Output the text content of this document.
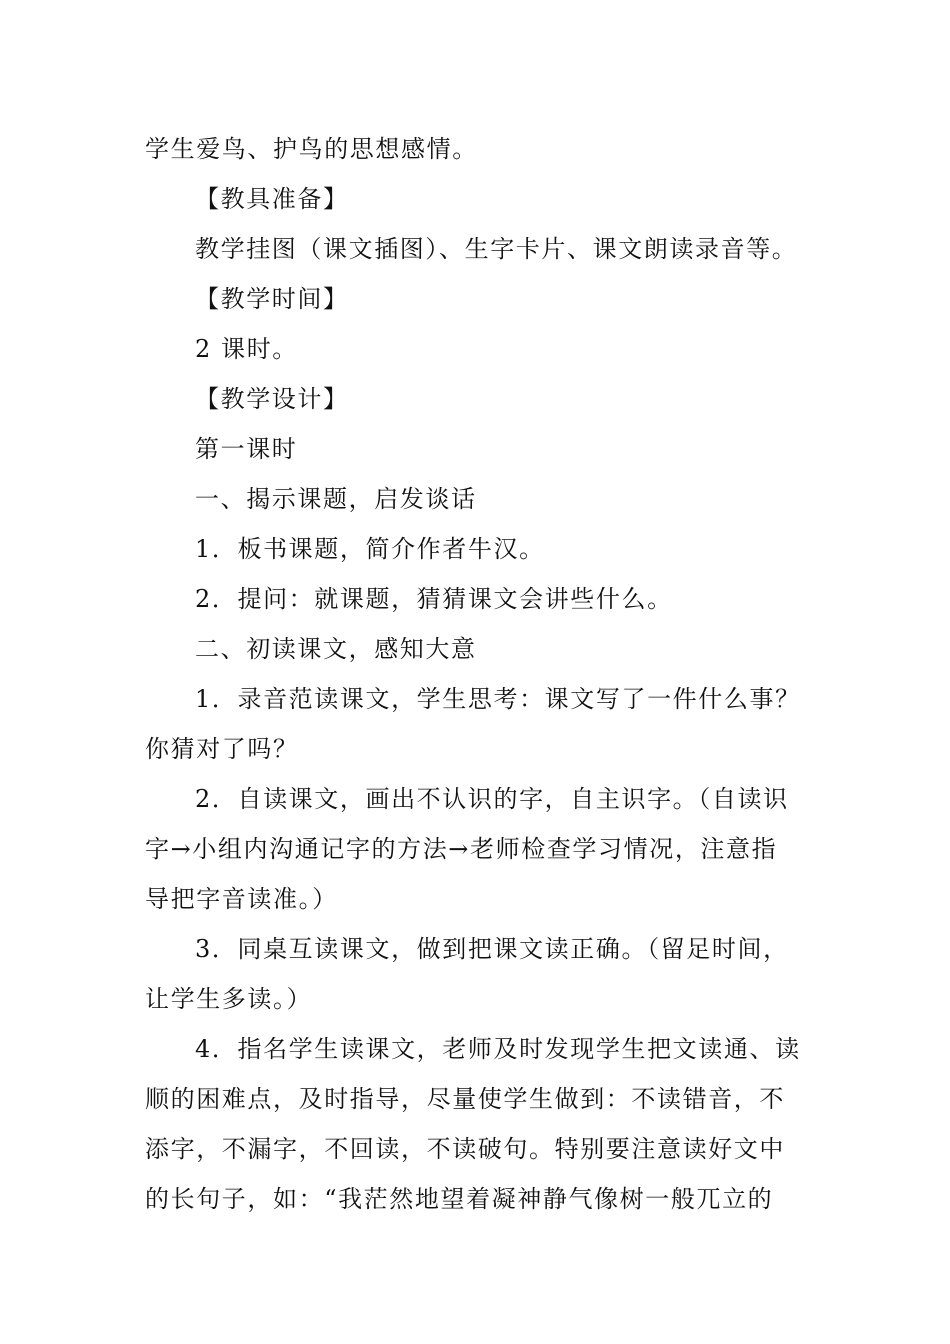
学生爱鸟、护鸟的思想感情。

【教具准备】

教学挂图（课文插图）、生字卡片、课文朗读录音等。

【教学时间】

2 课时。

【教学设计】

第一课时

一、揭示课题，启发谈话

1．板书课题，简介作者牛汉。

2．提问：就课题，猜猜课文会讲些什么。

二、初读课文，感知大意

1．录音范读课文，学生思考：课文写了一件什么事？

你猜对了吗？

2．自读课文，画出不认识的字，自主识字。（自读识

字→小组内沟通记字的方法→老师检查学习情况，注意指

导把字音读准。）

3．同桌互读课文，做到把课文读正确。（留足时间，

让学生多读。）

4．指名学生读课文，老师及时发现学生把文读通、读

顺的困难点，及时指导，尽量使学生做到：不读错音，不

添字，不漏字，不回读，不读破句。特别要注意读好文中

的长句子，如：“我茫然地望着凝神静气像树一般兀立的
